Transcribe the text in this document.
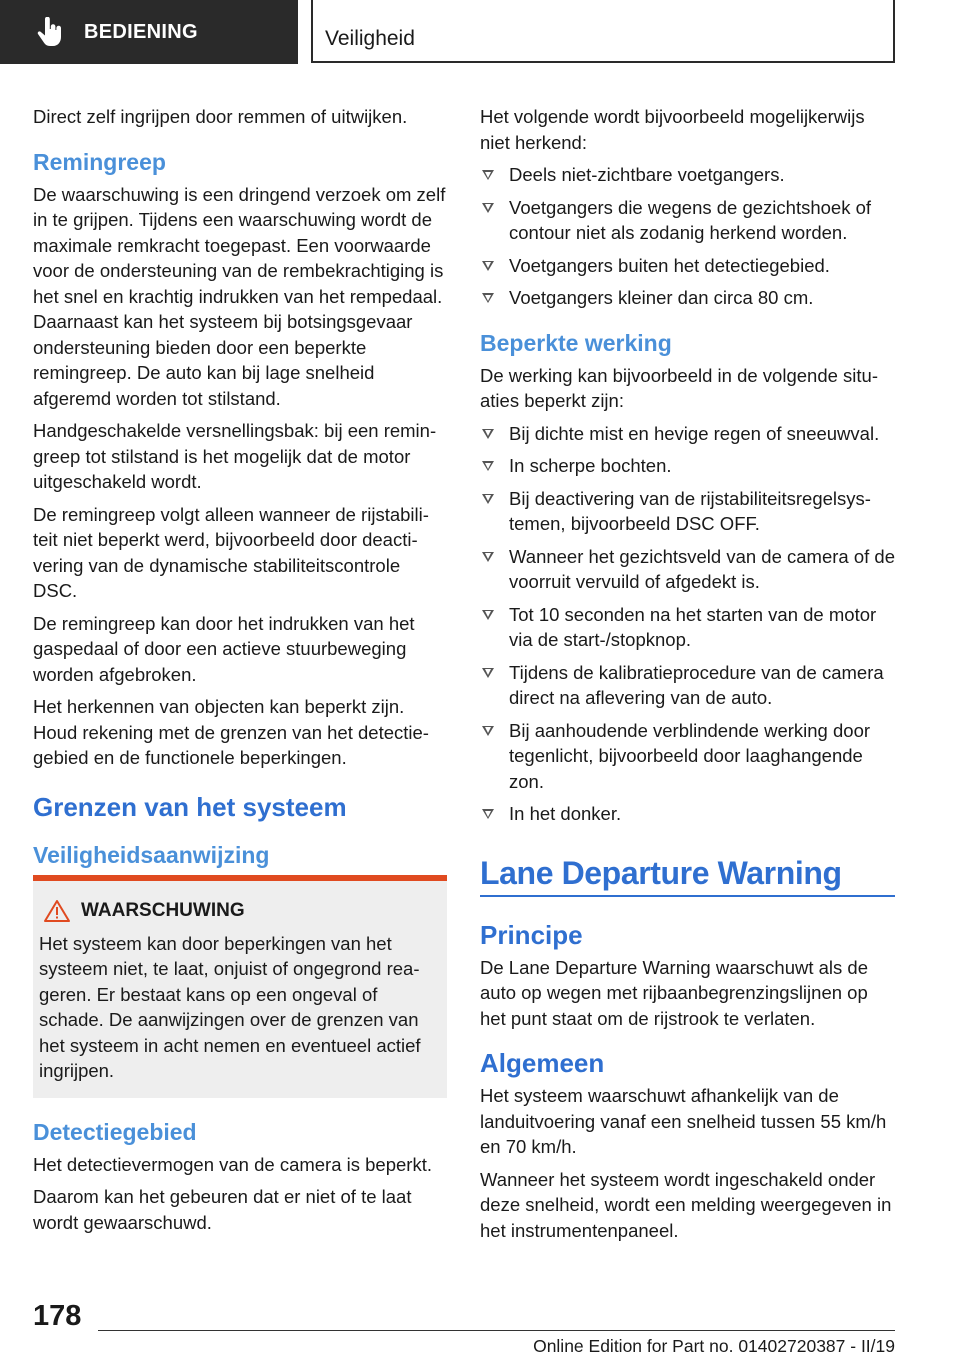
BEDIENING	Veiligheid

Direct zelf ingrijpen door remmen of uitwijken.

Remingreep

De waarschuwing is een dringend verzoek om zelf in te grijpen. Tijdens een waarschuwing wordt de maximale remkracht toegepast. Een voorwaarde voor de ondersteuning van de rembekrachtiging is het snel en krachtig indrukken van het rempedaal. Daarnaast kan het systeem bij botsingsgevaar ondersteuning bieden door een beperkte remingreep. De auto kan bij lage snelheid afgeremd worden tot stilstand.

Handgeschakelde versnellingsbak: bij een remingreep tot stilstand is het mogelijk dat de motor uitgeschakeld wordt.

De remingreep volgt alleen wanneer de rijstabiliteit niet beperkt werd, bijvoorbeeld door deactivering van de dynamische stabiliteitscontrole DSC.

De remingreep kan door het indrukken van het gaspedaal of door een actieve stuurbeweging worden afgebroken.

Het herkennen van objecten kan beperkt zijn. Houd rekening met de grenzen van het detectiegebied en de functionele beperkingen.

Grenzen van het systeem
Veiligheidsaanwijzing
WAARSCHUWING

Het systeem kan door beperkingen van het systeem niet, te laat, onjuist of ongegrond reageren. Er bestaat kans op een ongeval of schade. De aanwijzingen over de grenzen van het systeem in acht nemen en eventueel actief ingrijpen.

Detectiegebied

Het detectievermogen van de camera is beperkt.

Daarom kan het gebeuren dat er niet of te laat wordt gewaarschuwd.

Het volgende wordt bijvoorbeeld mogelijkerwijs niet herkend:

Deels niet-zichtbare voetgangers.
Voetgangers die wegens de gezichtshoek of contour niet als zodanig herkend worden.
Voetgangers buiten het detectiegebied.
Voetgangers kleiner dan circa 80 cm.
Beperkte werking

De werking kan bijvoorbeeld in de volgende situaties beperkt zijn:

Bij dichte mist en hevige regen of sneeuwval.
In scherpe bochten.
Bij deactivering van de rijstabiliteitsregelsystemen, bijvoorbeeld DSC OFF.
Wanneer het gezichtsveld van de camera of de voorruit vervuild of afgedekt is.
Tot 10 seconden na het starten van de motor via de start-/stopknop.
Tijdens de kalibratieprocedure van de camera direct na aflevering van de auto.
Bij aanhoudende verblindende werking door tegenlicht, bijvoorbeeld door laaghangende zon.
In het donker.
Lane Departure Warning
Principe

De Lane Departure Warning waarschuwt als de auto op wegen met rijbaanbegrenzingslijnen op het punt staat om de rijstrook te verlaten.

Algemeen

Het systeem waarschuwt afhankelijk van de landuitvoering vanaf een snelheid tussen 55 km/h en 70 km/h.

Wanneer het systeem wordt ingeschakeld onder deze snelheid, wordt een melding weergegeven in het instrumentenpaneel.

178
Online Edition for Part no. 01402720387 - II/19
